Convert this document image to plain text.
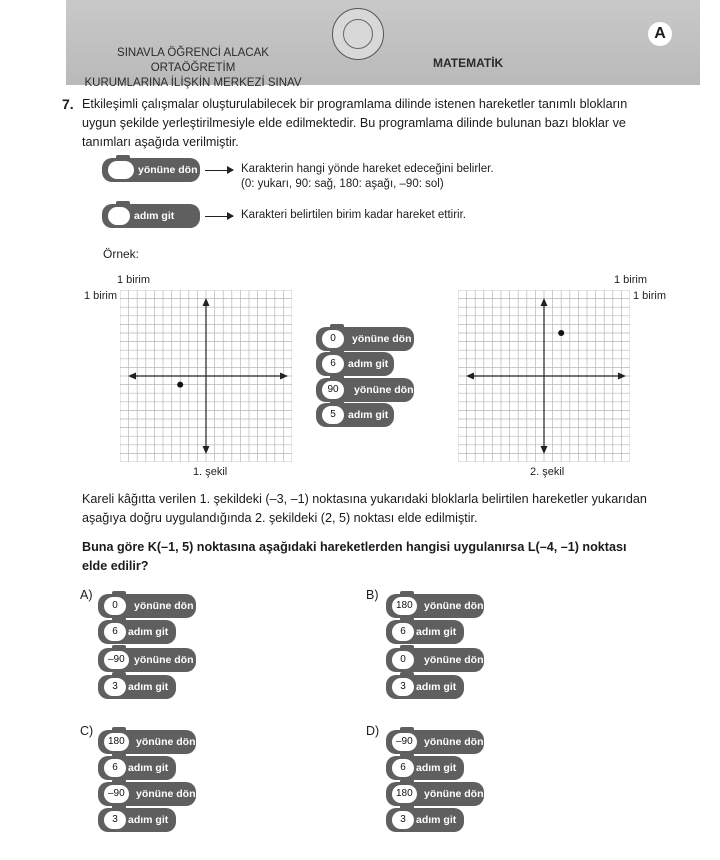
SINAVLA ÖĞRENCİ ALACAK ORTAÖĞRETİM
KURUMLARINA İLİŞKİN MERKEZİ SINAV
MATEMATİK
A
7. Etkileşimli çalışmalar oluşturulabilecek bir programlama dilinde istenen hareketler tanımlı blokların
uygun şekilde yerleştirilmesiyle elde edilmektedir. Bu programlama dilinde bulunan bazı bloklar ve
tanımları aşağıda verilmiştir.
yönüne dön	Karakterin hangi yönde hareket edeceğini belirler.
(0: yukarı, 90: sağ, 180: aşağı, –90: sol)
adım git	Karakteri belirtilen birim kadar hareket ettirir.
Örnek:
1 birim
1 birim
1. şekil
0	yönüne dön
6	adım git
90	yönüne dön
5	adım git
1 birim
1 birim
2. şekil
Kareli kâğıtta verilen 1. şekildeki (–3, –1) noktasına yukarıdaki bloklarla belirtilen hareketler yukarıdan
aşağıya doğru uygulandığında 2. şekildeki (2, 5) noktası elde edilmiştir.
Buna göre K(–1, 5) noktasına aşağıdaki hareketlerden hangisi uygulanırsa L(–4, –1) noktası
elde edilir?
A)
0	yönüne dön
6 adım git
–90 yönüne dön
3 adım git
B)
180	yönüne dön
6 adım git
0	yönüne dön
3 adım git
C)
180	yönüne dön
6 adım git
–90	yönüne dön
3 adım git
D)
–90	yönüne dön
6 adım git
180	yönüne dön
3 adım git
